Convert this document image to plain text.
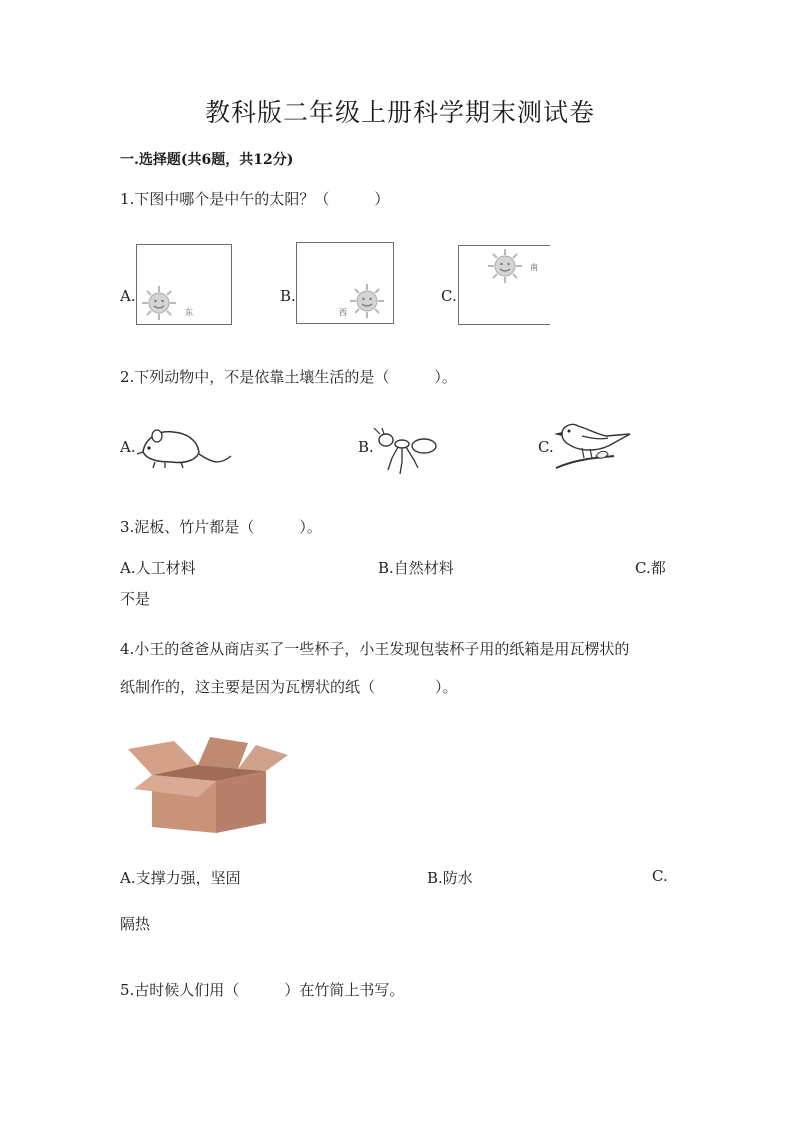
教科版二年级上册科学期末测试卷
一.选择题(共6题，共12分)
1.下图中哪个是中午的太阳？（　　　）
A.
东
B.
西
C.
南
2.下列动物中，不是依靠土壤生活的是（　　　）。
A.	B.	C.
3.泥板、竹片都是（　　　）。
A.人工材料	B.自然材料	C.都
不是
4.小王的爸爸从商店买了一些杯子，小王发现包装杯子用的纸箱是用瓦楞状的
纸制作的，这主要是因为瓦楞状的纸（　　　　）。
A.支撑力强，坚固	B.防水	C.
隔热
5.古时候人们用（　　　）在竹简上书写。
